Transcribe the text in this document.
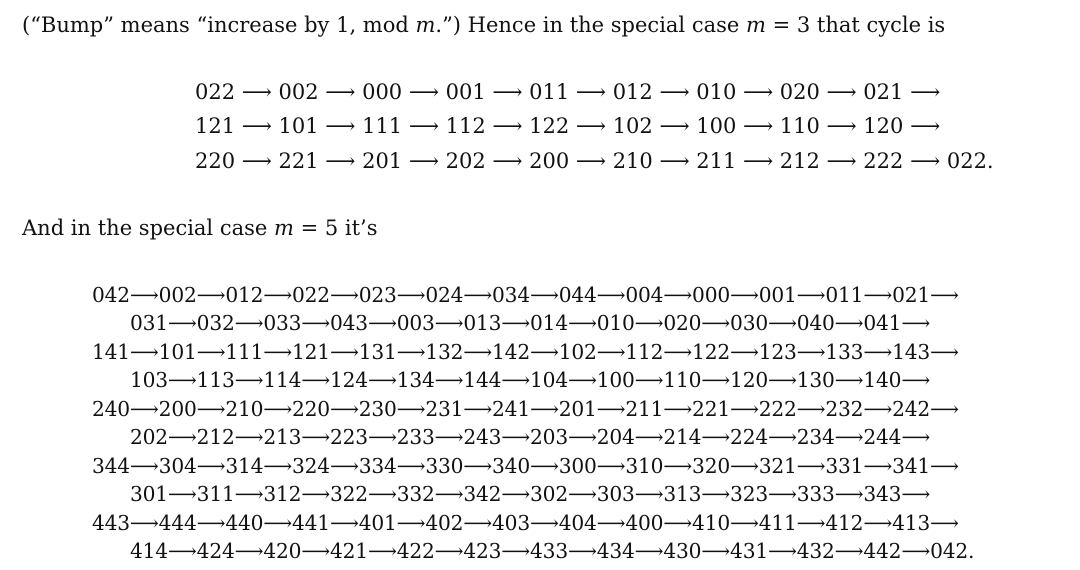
(“Bump” means “increase by 1, mod m.”) Hence in the special case m = 3 that cycle is

022 ⟶ 002 ⟶ 000 ⟶ 001 ⟶ 011 ⟶ 012 ⟶ 010 ⟶ 020 ⟶ 021 ⟶
121 ⟶ 101 ⟶ 111 ⟶ 112 ⟶ 122 ⟶ 102 ⟶ 100 ⟶ 110 ⟶ 120 ⟶
220 ⟶ 221 ⟶ 201 ⟶ 202 ⟶ 200 ⟶ 210 ⟶ 211 ⟶ 212 ⟶ 222 ⟶ 022.

And in the special case m = 5 it’s

042⟶002⟶012⟶022⟶023⟶024⟶034⟶044⟶004⟶000⟶001⟶011⟶021⟶
031⟶032⟶033⟶043⟶003⟶013⟶014⟶010⟶020⟶030⟶040⟶041⟶
141⟶101⟶111⟶121⟶131⟶132⟶142⟶102⟶112⟶122⟶123⟶133⟶143⟶
103⟶113⟶114⟶124⟶134⟶144⟶104⟶100⟶110⟶120⟶130⟶140⟶
240⟶200⟶210⟶220⟶230⟶231⟶241⟶201⟶211⟶221⟶222⟶232⟶242⟶
202⟶212⟶213⟶223⟶233⟶243⟶203⟶204⟶214⟶224⟶234⟶244⟶
344⟶304⟶314⟶324⟶334⟶330⟶340⟶300⟶310⟶320⟶321⟶331⟶341⟶
301⟶311⟶312⟶322⟶332⟶342⟶302⟶303⟶313⟶323⟶333⟶343⟶
443⟶444⟶440⟶441⟶401⟶402⟶403⟶404⟶400⟶410⟶411⟶412⟶413⟶
414⟶424⟶420⟶421⟶422⟶423⟶433⟶434⟶430⟶431⟶432⟶442⟶042.
